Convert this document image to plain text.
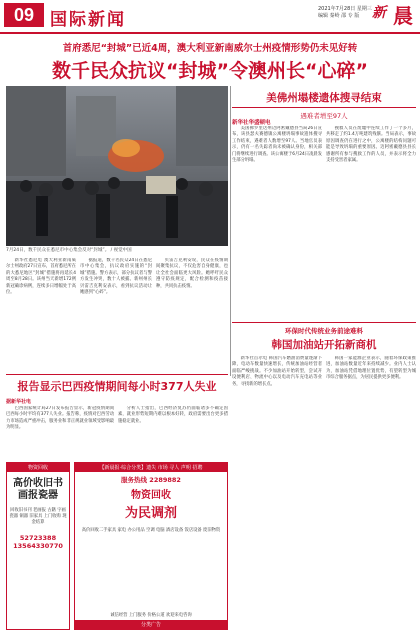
09 国际新闻
2021年7月28日 星期三
编辑 秦岭 邵 专 版 新 晨
首府悉尼“封城”已近4周，澳大利亚新南威尔士州疫情形势仍未见好转
数千民众抗议“封城”令澳州长“心碎”
7月24日，数千民众在悉尼市中心集会反对“封城”。 / 视觉中国

新华社悉尼电 澳大利亚新南威尔士州政府27日宣布，首府悉尼所在的大悉尼地区“封城”措施将再延长4周至8月28日。该州当天新增172例新冠确诊病例，连续多日增幅处于高位。

据报道，数千名民众24日在悉尼市中心集会，抗议政府实施的“封城”措施。警方表示，部分抗议者与警方发生冲突，数十人被捕。新州州长贝雷吉克利安表示，看到抗议活动让她感到“心碎”。

贝雷吉克利安说，民众在疫情期间聚集抗议，不仅危害自身健康，也让全社会面临更大风险。她呼吁民众遵守防疫规定，配合检测和疫苗接种，共同抗击疫情。

美佛州塌楼遗体搜寻结束
遇难者增至97人
新华社华盛顿电

美国佛罗里达州迈阿密戴德县当局26日宣布，该县瑟夫赛德镇公寓楼坍塌事故遗体搜寻工作结束，遇难者人数增至97人。当地官员表示，仍有一名失踪者尚未被确认身份，相关部门将继续进行调查。该公寓楼于6月24日凌晨发生部分坍塌。

搜救人员在废墟中连续工作了一个多月，共移走了约1.4万吨建筑残骸。当局表示，事故原因调查仍在进行之中，公寓楼的结构问题可能是导致坍塌的重要原因。迈阿密戴德县县长感谢所有参与搜救工作的人员，并表示将全力支持受害者家属。

环保时代传统业务前途难料
韩国加油站开拓新商机

新华社首尔电 韩国汽车燃油消费量逐渐下降，电动车数量快速增长，传统加油站经营者面临严峻挑战。不少加油站开始转型，尝试开设便利店、物流中心以及电动汽车充电站等业务，寻找新的增长点。

韩国一家能源企业表示，随着环保政策推进，加油站数量近年来持续减少。业内人士认为，加油站凭借地理位置优势，有望转型为城市综合服务据点，为居民提供更多便利。

报告显示巴西疫情期间每小时377人失业
据新华社电

巴西国家统计局27日发布报告显示，新冠疫情期间巴西每小时平均有377人失业。报告称，疫情对巴西劳动力市场造成严重冲击，服务业和非正规就业领域受影响最为明显。

分析人士指出，巴西经济复苏仍面临诸多不确定因素，就业形势短期内难以根本好转，政府需要出台更多措施稳定就业。

物资回收
高价收旧书 画报瓷器
回收旧书刊 老画报 古籍 字画 瓷器 铜器 旧家具 上门收购 现金结算
52723388 13564330770
【新晨报·综合分类】遗失 市场 寻人 声明 招聘
服务热线 2289882
物资回收
为民调剂
高价回收二手家具 家电 办公用品 空调 电脑 酒店设备 饭店设备 废旧物资
分类广告
诚信经营 上门服务 价格公道 欢迎来电咨询
